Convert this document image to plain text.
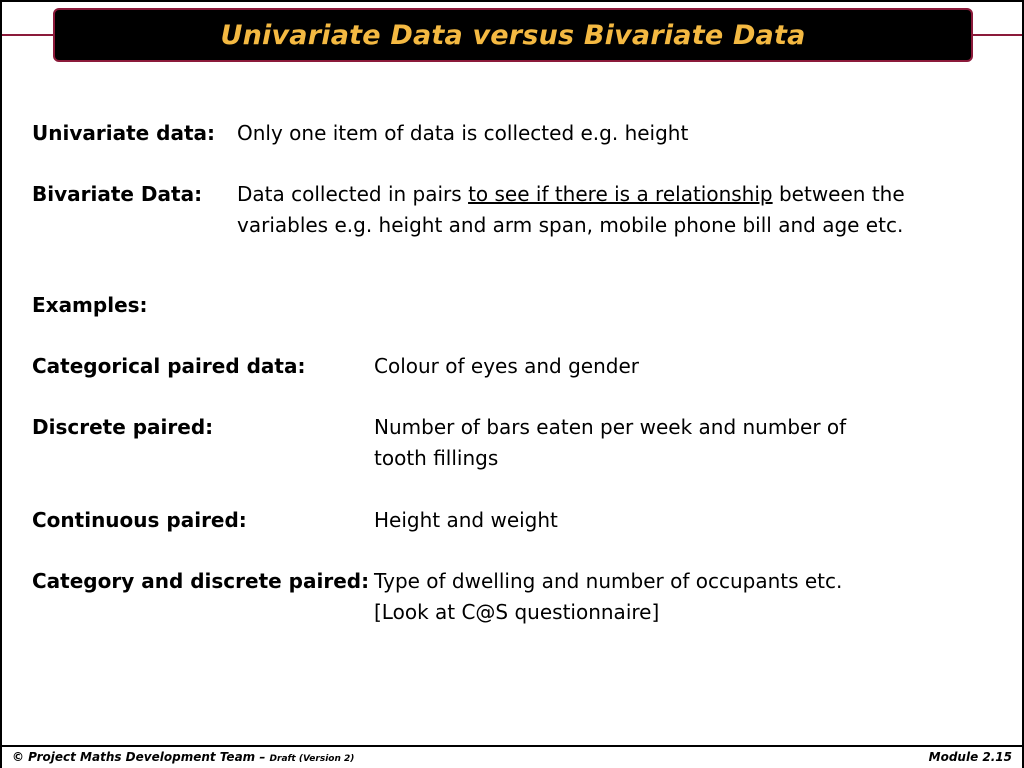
Univariate Data versus Bivariate Data
Univariate data: Only one item of data is collected e.g. height
Bivariate Data: Data collected in pairs to see if there is a relationship between the
variables e.g. height and arm span, mobile phone bill and age etc.
Examples:
Categorical paired data:	Colour of eyes and gender
Discrete paired:	Number of bars eaten per week and number of
tooth fillings
Continuous paired:	Height and weight
Category and discrete paired: Type of dwelling and number of occupants etc.
[Look at C@S questionnaire]
© Project Maths Development Team – Draft (Version 2)	Module 2.15
